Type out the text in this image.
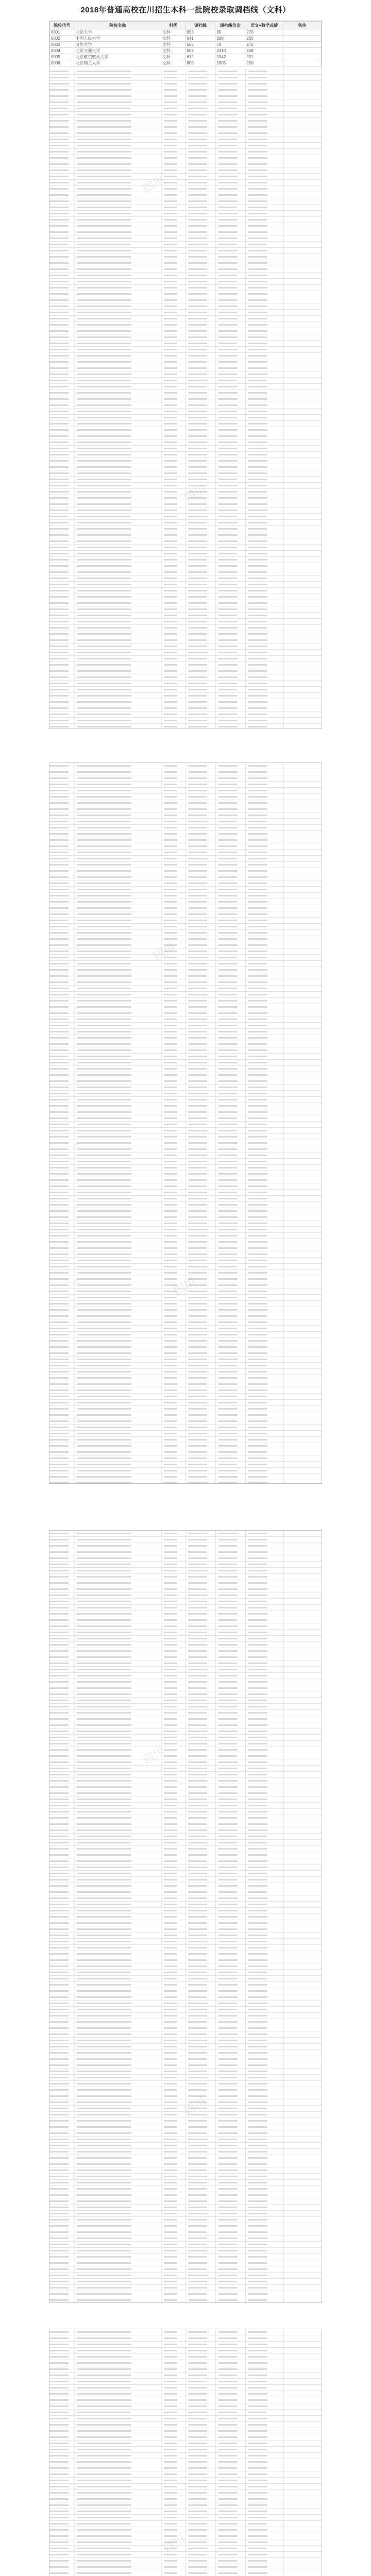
2018年普通高校在川招生本科一批院校录取调档线（文科）
院校代号	院校名称	科类	调档线	调档线位次	语文+数学成绩	备注
0001	北京大学	文科	653	95	270	
0002	中国人民大学	文科	641	298	265	
0003	清华大学	文科	655	78	272	
0004	北京交通大学	文科	603	2310	248	
0005	北京航空航天大学	文科	612	1542	251	
0006	北京理工大学	文科	609	1805	250	
